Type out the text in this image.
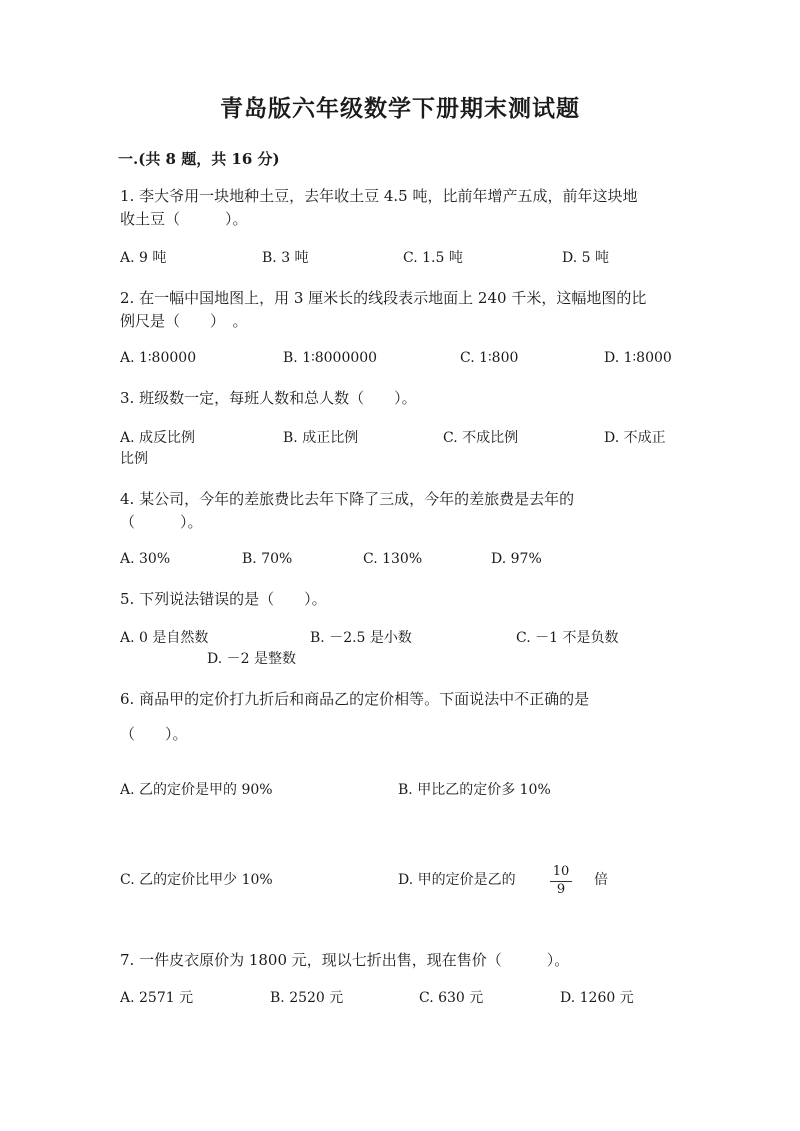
青岛版六年级数学下册期末测试题
一.(共 8 题，共 16 分)
1. 李大爷用一块地种土豆，去年收土豆 4.5 吨，比前年增产五成，前年这块地
收土豆（　　　）。
A. 9 吨	B. 3 吨	C. 1.5 吨	D. 5 吨
2. 在一幅中国地图上，用 3 厘米长的线段表示地面上 240 千米，这幅地图的比
例尺是（　　）　。
A. 1∶80000	B. 1∶8000000	C. 1∶800	D. 1∶8000
3. 班级数一定，每班人数和总人数（　　）。
A. 成反比例	B. 成正比例	C. 不成比例	D. 不成正
比例
4. 某公司，今年的差旅费比去年下降了三成，今年的差旅费是去年的
（　　　）。
A. 30%	B. 70%	C. 130%	D. 97%
5. 下列说法错误的是（　　）。
A. 0 是自然数	B. －2.5 是小数	C. －1 不是负数
D. －2 是整数
6. 商品甲的定价打九折后和商品乙的定价相等。下面说法中不正确的是
（　　）。
A. 乙的定价是甲的 90%	B. 甲比乙的定价多 10%
C. 乙的定价比甲少 10%	D. 甲的定价是乙的	$\frac{10}{9}$ 倍
7. 一件皮衣原价为 1800 元，现以七折出售，现在售价（　　　）。
A. 2571 元	B. 2520 元	C. 630 元	D. 1260 元
